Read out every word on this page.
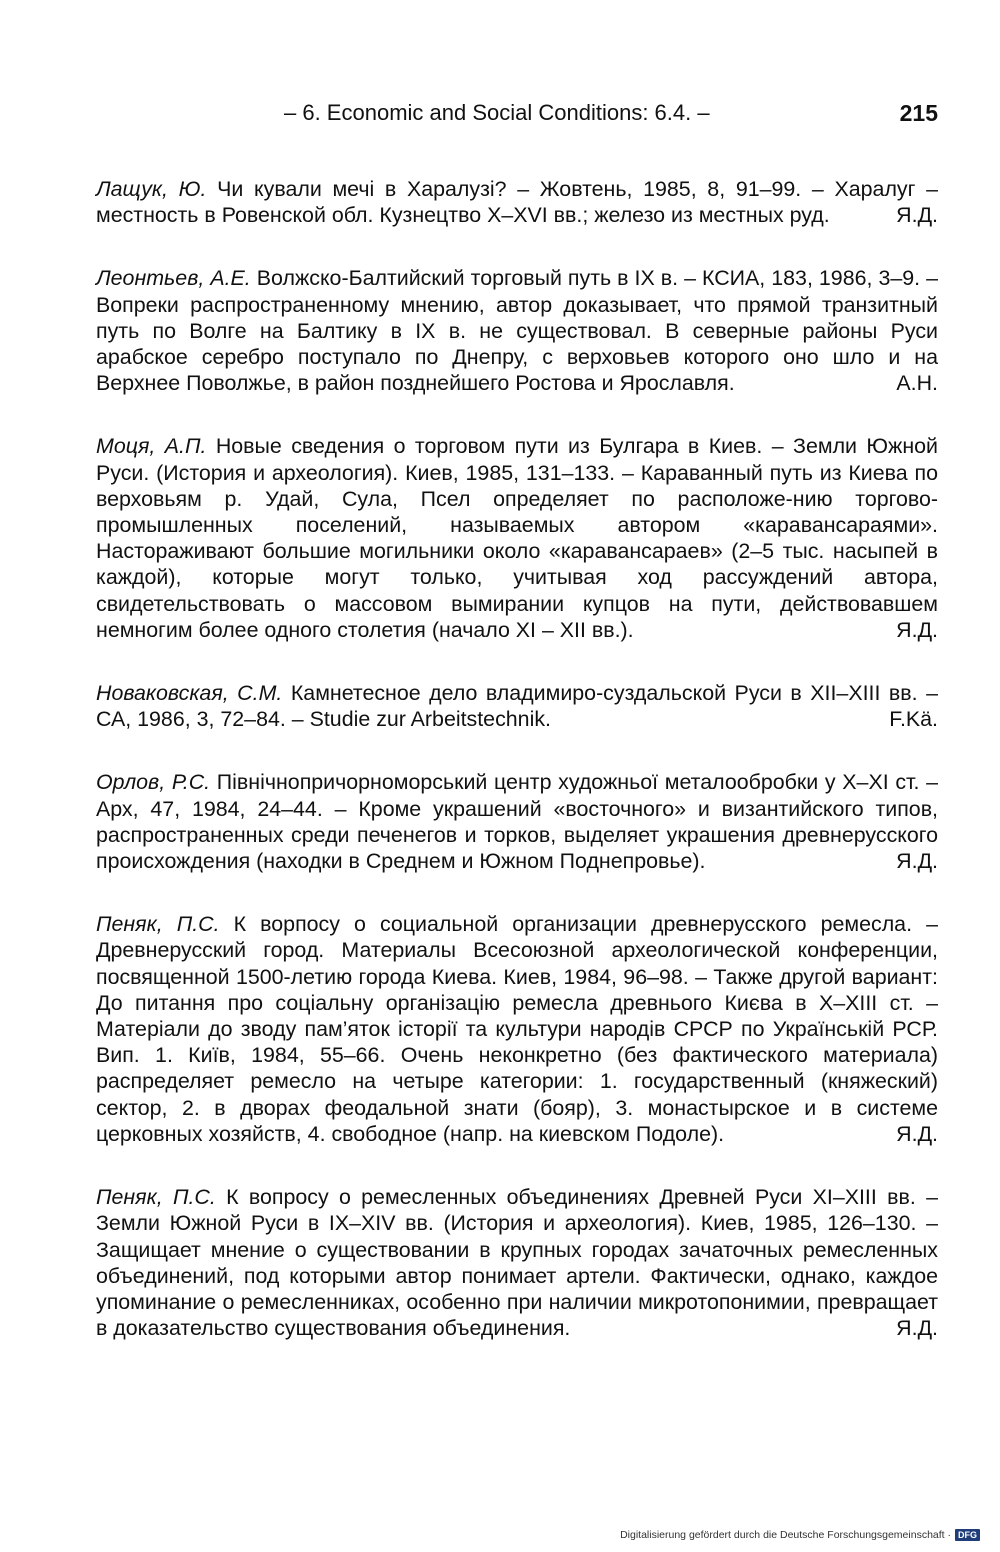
– 6. Economic and Social Conditions: 6.4. –	215

Лащук, Ю. Чи кували мечі в Харалузі? – Жовтень, 1985, 8, 91–99. – Харалуг – местность в Ровенской обл. Кузнецтво X–XVI вв.; железо из местных руд.	Я.Д.

Леонтьев, А.Е. Волжско-Балтийский торговый путь в IX в. – КСИА, 183, 1986, 3–9. – Вопреки распространенному мнению, автор доказывает, что прямой транзитный путь по Волге на Балтику в IX в. не существовал. В северные районы Руси арабское серебро поступало по Днепру, с верховьев которого оно шло и на Верхнее Поволжье, в район позднейшего Ростова и Ярославля.	А.Н.

Моця, А.П. Новые сведения о торговом пути из Булгара в Киев. – Земли Южной Руси. (История и археология). Киев, 1985, 131–133. – Караванный путь из Киева по верховьям р. Удай, Сула, Псел определяет по расположе-нию торгово-промышленных поселений, называемых автором «каравансараями». Настораживают большие могильники около «каравансараев» (2–5 тыс. насыпей в каждой), которые могут только, учитывая ход рассуждений автора, свидетельствовать о массовом вымирании купцов на пути, действовавшем немногим более одного столетия (начало XI – XII вв.).	Я.Д.

Новаковская, С.М. Камнетесное дело владимиро-суздальской Руси в XII–XIII вв. – СА, 1986, 3, 72–84. – Studie zur Arbeitstechnik.	F.Kä.

Орлов, Р.С. Північнопричорноморський центр художньої металообробки у X–XI ст. – Арх, 47, 1984, 24–44. – Кроме украшений «восточного» и византийского типов, распространенных среди печенегов и торков, выделяет украшения древнерусского происхождения (находки в Среднем и Южном Поднепровье).	Я.Д.

Пеняк, П.С. К ворпосу о социальной организации древнерусского ремесла. – Древнерусский город. Материалы Всесоюзной археологической конференции, посвященной 1500-летию города Киева. Киев, 1984, 96–98. – Также другой вариант: До питання про соціальну організацію ремесла древнього Києва в X–XIII ст. – Матеріали до зводу пам’яток історії та культури народів СРСР по Українській РСР. Вип. 1. Київ, 1984, 55–66. Очень неконкретно (без фактического материала) распределяет ремесло на четыре категории: 1. государственный (княжеский) сектор, 2. в дворах феодальной знати (бояр), 3. монастырское и в системе церковных хозяйств, 4. свободное (напр. на киевском Подоле).	Я.Д.

Пеняк, П.С. К вопросу о ремесленных объединениях Древней Руси XI–XIII вв. – Земли Южной Руси в IX–XIV вв. (История и археология). Киев, 1985, 126–130. – Защищает мнение о существовании в крупных городах зачаточных ремесленных объединений, под которыми автор понимает артели. Фактически, однако, каждое упоминание о ремесленниках, особенно при наличии микротопонимии, превращает в доказательство существования объединения.	Я.Д.

Digitalisierung gefördert durch die Deutsche Forschungsgemeinschaft · DFG
